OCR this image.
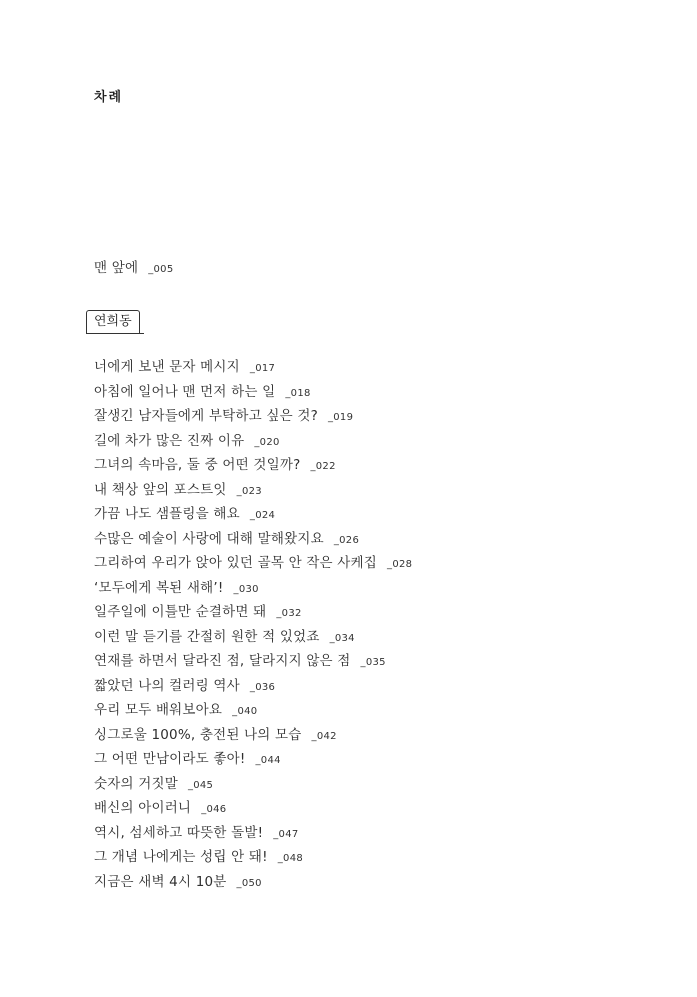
차례
맨 앞에 _005
연희동
너에게 보낸 문자 메시지 _017
아침에 일어나 맨 먼저 하는 일 _018
잘생긴 남자들에게 부탁하고 싶은 것? _019
길에 차가 많은 진짜 이유 _020
그녀의 속마음, 둘 중 어떤 것일까? _022
내 책상 앞의 포스트잇 _023
가끔 나도 샘플링을 해요 _024
수많은 예술이 사랑에 대해 말해왔지요 _026
그리하여 우리가 앉아 있던 골목 안 작은 사케집 _028
‘모두에게 복된 새해’! _030
일주일에 이틀만 순결하면 돼 _032
이런 말 듣기를 간절히 원한 적 있었죠 _034
연재를 하면서 달라진 점, 달라지지 않은 점 _035
짧았던 나의 컬러링 역사 _036
우리 모두 배워보아요 _040
싱그로울 100%, 충전된 나의 모습 _042
그 어떤 만남이라도 좋아! _044
숫자의 거짓말 _045
배신의 아이러니 _046
역시, 섬세하고 따뜻한 돌발! _047
그 개념 나에게는 성립 안 돼! _048
지금은 새벽 4시 10분 _050
